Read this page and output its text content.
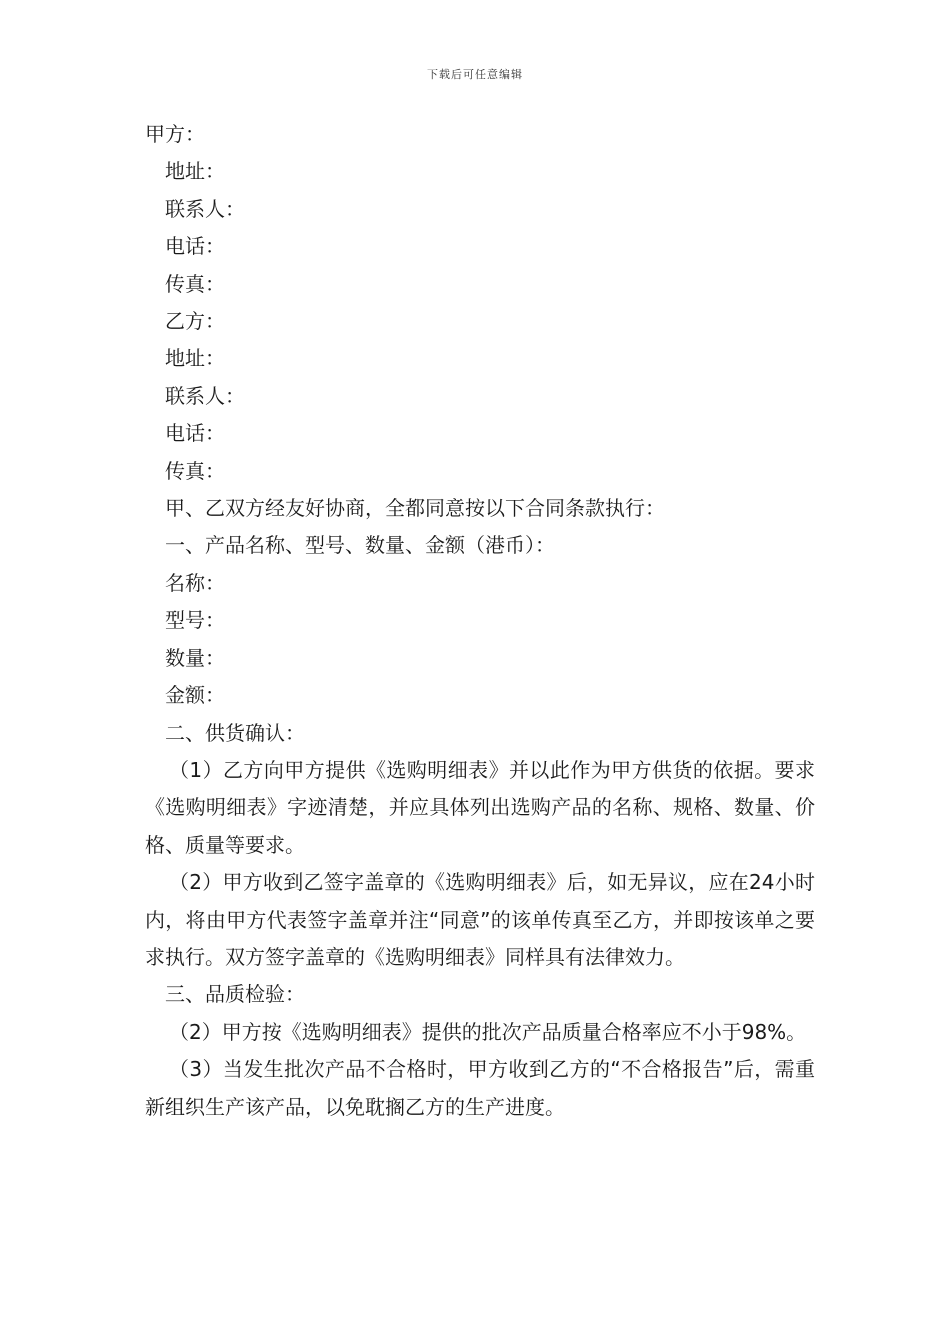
下载后可任意编辑

甲方：

地址：

联系人：

电话：

传真：

乙方：

地址：

联系人：

电话：

传真：

甲、乙双方经友好协商，全都同意按以下合同条款执行：

一、产品名称、型号、数量、金额（港币）：

名称：

型号：

数量：

金额：

二、供货确认：

（1）乙方向甲方提供《选购明细表》并以此作为甲方供货的依据。要求《选购明细表》字迹清楚，并应具体列出选购产品的名称、规格、数量、价格、质量等要求。

（2）甲方收到乙签字盖章的《选购明细表》后，如无异议，应在24小时内，将由甲方代表签字盖章并注“同意”的该单传真至乙方，并即按该单之要求执行。双方签字盖章的《选购明细表》同样具有法律效力。

三、品质检验：

（2）甲方按《选购明细表》提供的批次产品质量合格率应不小于98%。

（3）当发生批次产品不合格时，甲方收到乙方的“不合格报告”后，需重新组织生产该产品，以免耽搁乙方的生产进度。
